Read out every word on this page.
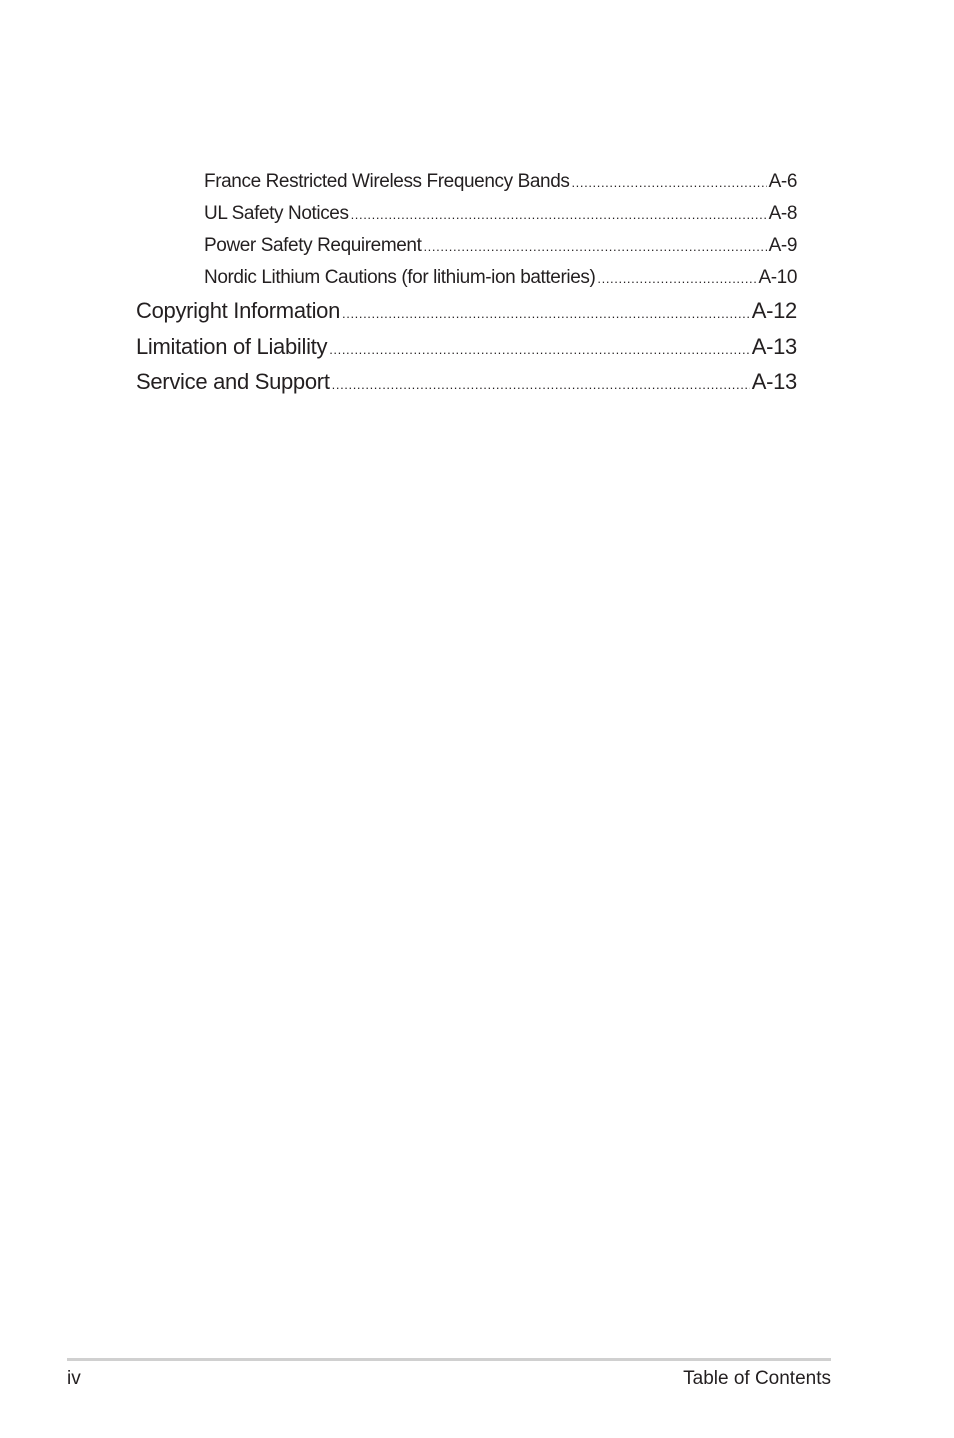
France Restricted Wireless Frequency Bands .....	A-6
UL Safety Notices .....	A-8
Power Safety Requirement .....	A-9
Nordic Lithium Cautions (for lithium-ion batteries) .....	A-10
Copyright Information .....	A-12
Limitation of Liability .....	A-13
Service and Support .....	A-13
iv	Table of Contents
